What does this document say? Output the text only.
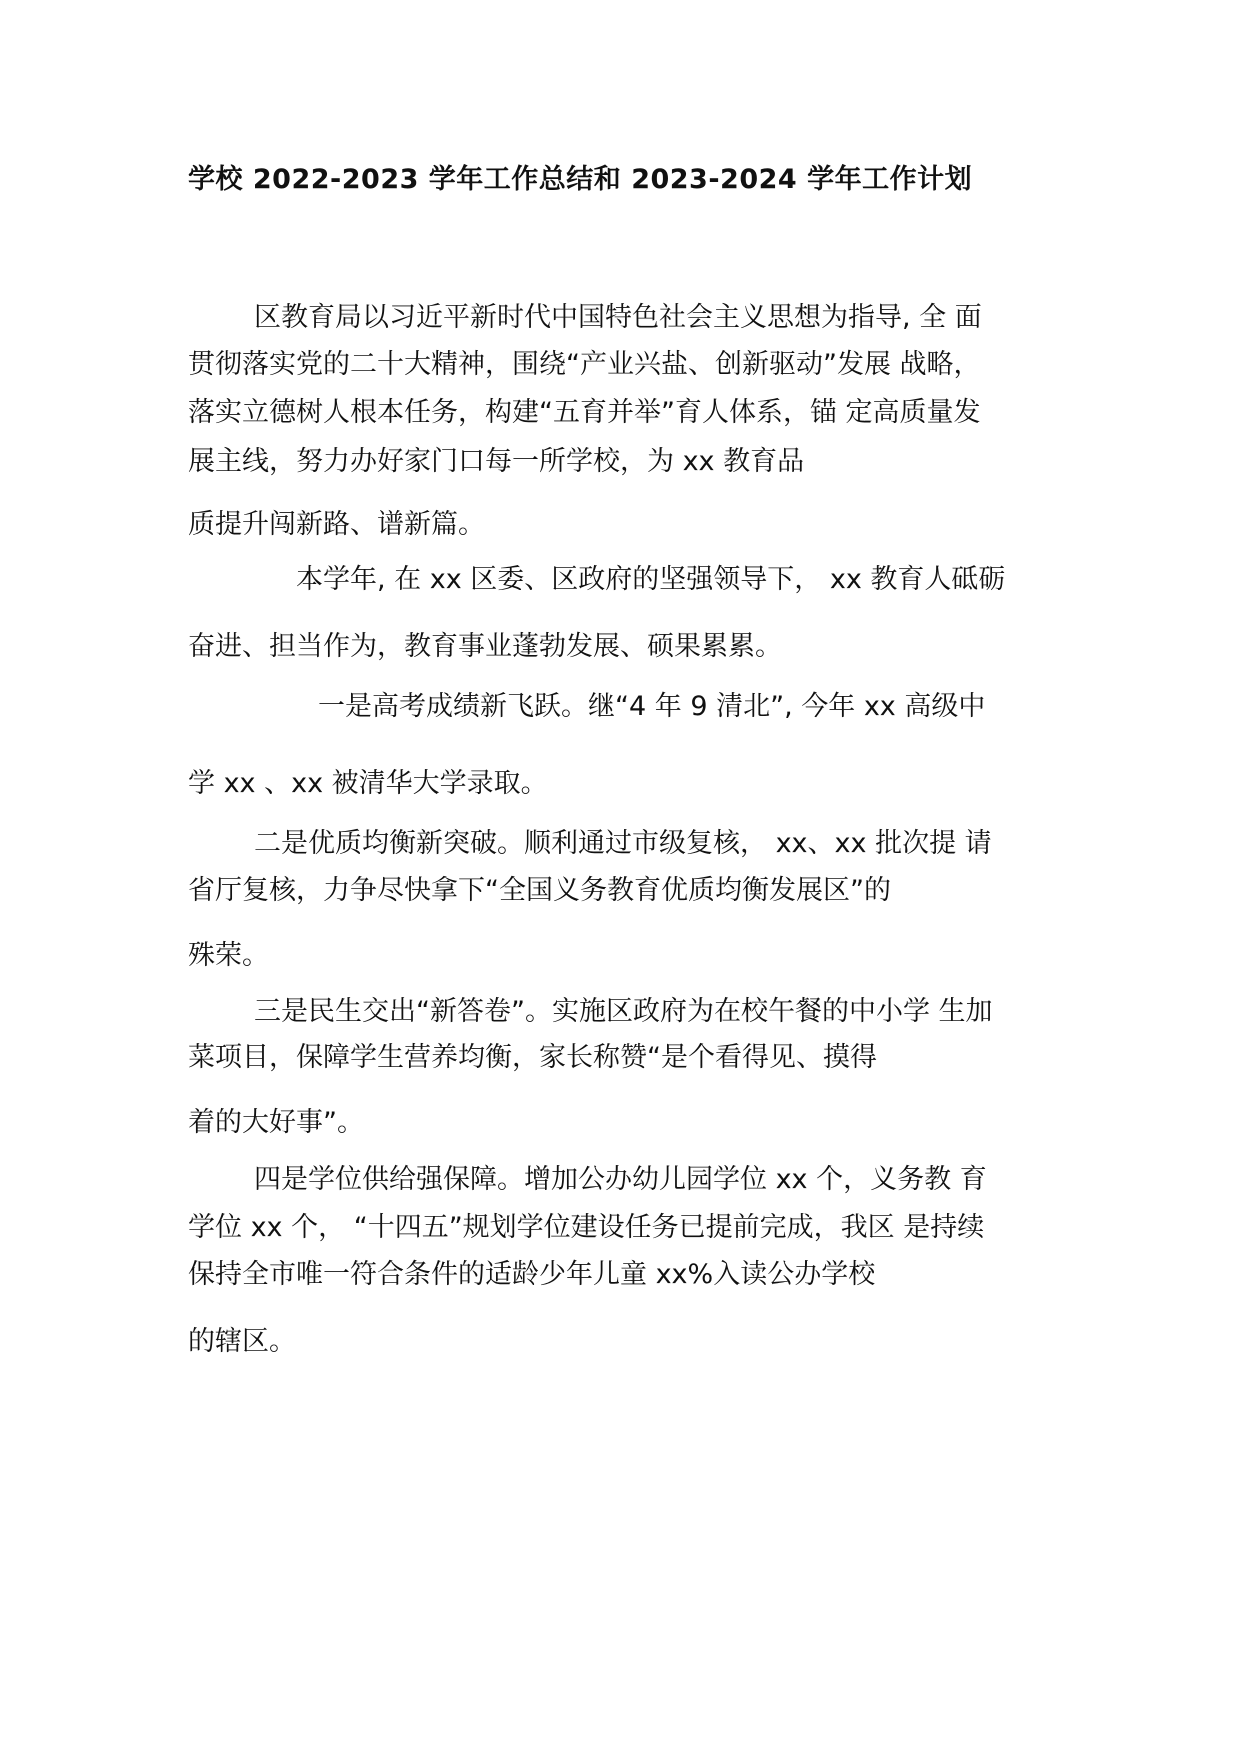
学校 2022-2023 学年工作总结和 2023-2024 学年工作计划

区教育局以习近平新时代中国特色社会主义思想为指导, 全 面

贯彻落实党的二十大精神，围绕“产业兴盐、创新驱动”发展 战略，

落实立德树人根本任务，构建“五育并举”育人体系，锚 定高质量发

展主线，努力办好家门口每一所学校，为 xx 教育品

质提升闯新路、谱新篇。

本学年, 在 xx 区委、区政府的坚强领导下， xx 教育人砥砺

奋进、担当作为，教育事业蓬勃发展、硕果累累。

一是高考成绩新飞跃。继“4 年 9 清北”, 今年 xx 高级中

学 xx 、xx 被清华大学录取。

二是优质均衡新突破。顺利通过市级复核， xx、xx 批次提 请

省厅复核，力争尽快拿下“全国义务教育优质均衡发展区”的

殊荣。

三是民生交出“新答卷”。实施区政府为在校午餐的中小学 生加

菜项目，保障学生营养均衡，家长称赞“是个看得见、摸得

着的大好事”。

四是学位供给强保障。增加公办幼儿园学位 xx 个，义务教 育

学位 xx 个， “十四五”规划学位建设任务已提前完成，我区 是持续

保持全市唯一符合条件的适龄少年儿童 xx%入读公办学校

的辖区。
